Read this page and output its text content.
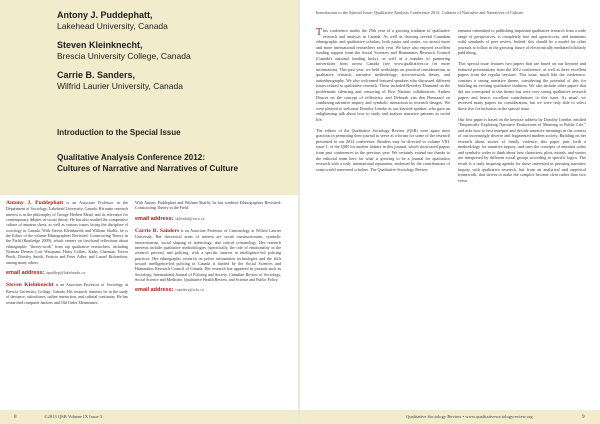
Antony J. Puddephatt,
Lakehead University, Canada
Steven Kleinknecht,
Brescia University College, Canada
Carrie B. Sanders,
Wilfrid Laurier University, Canada
Introduction to the Special Issue
Qualitative Analysis Conference 2012:
Cultures of Narrative and Narratives of Culture

Antony J. Puddephatt is an Associate Professor in the Department of Sociology, Lakehead University, Canada. His main research interest is in the philosophy of George Herbert Mead, and its relevance for contemporary debates in social theory. He has also studied the competitive culture of amateur chess, as well as various issues facing the discipline of sociology in Canada. With Steven Kleinknecht and William Shaffir, he is the Editor of the volume Ethnographies Revisited: Constructing Theory in the Field (Routledge 2009), which centers on first-hand reflections about ethnographic "theory-work" from top qualitative researchers, including Norman Denzin, Loic Wacquant, Harry Collins, Kathy Charmaz, Trevor Pinch, Dorothy Smith, Patricia and Peter Adler, and Laurel Richardson, among many others.

email address: apuddep@lakeheadu.ca

Steven Kleinknecht is an Associate Professor of Sociology at Brescia University College, Canada. His research interests lie in the study of deviance, subcultures, online interaction, and cultural continuity. He has researched computer hackers and Old Order Mennonites.

With Antony Puddephatt and William Shaffir, he has coedited Ethnographies Revisited: Constructing Theory in the Field.

email address: skleinkn@uwo.ca

Carrie B. Sanders is an Associate Professor of Criminology at Wilfrid Laurier University. Her theoretical areas of interest are social constructionism, symbolic interactionism, social shaping of technology, and critical criminology. Her research interests include qualitative methodologies (specifically, the role of emotionality in the research process) and policing, with a specific interest in intelligence-led policing practices. Her ethnographic research on police information technologies and the shift toward intelligence-led policing in Canada is funded by the Social Sciences and Humanities Research Council of Canada. Her research has appeared in journals such as Sociology, International Journal of Policing and Society, Canadian Review of Sociology, Social Science and Medicine, Qualitative Health Review, and Science and Public Policy.

email address: csanders@wlu.ca
8	©2013 QSR Volume IX Issue 3
Introduction to the Special Issue: Qualitative Analysis Conference 2012: Cultures of Narrative and Narratives of Culture

This conference marks the 29th year of a growing tradition of qualitative research and analysis in Canada. As well as drawing several Canadian ethnographic and qualitative scholars, both junior and senior, we attract more and more international researchers each year. We have also enjoyed excellent funding support from the Social Sciences and Humanities Research Council (Canada's national funding body), as well as a number of partnering universities from across Canada (see www.qualitatives.ca for more information). This past year, we held workshops on practical considerations in qualitative research, narrative methodology, actor-network theory, and autoethnography. We also welcomed featured speakers who discussed different issues related to qualitative research. These included Beverley Diamond on the problematic silencing and censoring of First Nations collaborators, Andrea Doucet on the concept of reflexivity, and Deborah van den Hoonaard on combining narrative inquiry and symbolic interaction in research designs. We were pleased to welcome Dorothy Leneke as our keynote speaker, who gave an enlightening talk about how to study and analyze narrative patterns in social life.

The editors of the Qualitative Sociology Review (QSR) were again most gracious in permitting their journal to serve as a forum for some of the research presented at our 2012 conference. Readers may be directed to volume VIII, issue 1, of the QSR for another feature in this journal, which showcased papers from past conferences in the previous year. We certainly extend our thanks to the editorial team here for what is growing to be a journal for qualitative research with a truly international reputation, endorsed by the contributions of some world renowned scholars. The Qualitative Sociology Review

remains committed to publishing important qualitative research from a wide range of perspectives, is completely free and open-access, and maintains solid standards of peer review. Indeed, this should be a model for other journals to follow in the growing future of electronically mediated scholarly publishing.

This special issue features two papers that are based on our keynote and featured presentations from the 2012 conference, as well as three excellent papers from the regular sessions. This issue, much like the conference, contains a strong narrative theme, considering the potential of this for building an exciting qualitative tradition. We also include other papers that did not correspond to this theme but were very strong qualitative research papers and hence, excellent contributions to this issue. As usual, we received many papers for consideration, but we were only able to select these five for inclusion in the special issue.

Our first paper is based on the keynote address by Dorothy Leneke, entitled "Empirically Exploring Narrative Productions of Meaning in Public Life," and asks how to best interpret and decode narrative meanings in the context of our increasingly diverse and fragmented modern society. Building on her research about stories of family violence, this paper puts forth a methodology for narrative inquiry, and uses the concepts of emotion codes and symbolic codes to think about how characters, plots, morals, and stories are interpreted by different social groups according to specific logics. The result is a truly inspiring agenda for those interested in pursuing narrative inquiry with qualitative research, but from an analytical and empirical framework, that strives to make the complex become clear rather than vice versa.

Qualitative Sociology Review • www.qualitativesociologyreview.org	9
